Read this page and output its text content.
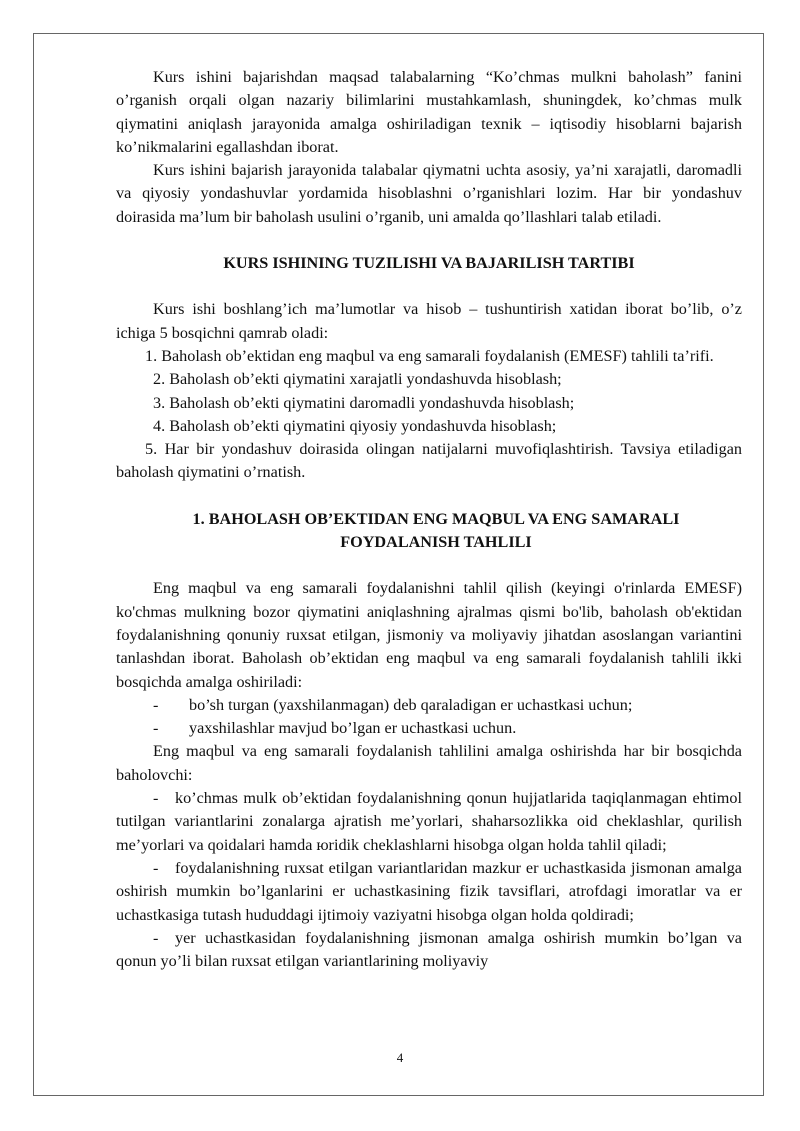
Kurs ishini bajarishdan maqsad talabalarning “Ko’chmas mulkni baholash” fanini o’rganish orqali olgan nazariy bilimlarini mustahkamlash, shuningdek, ko’chmas mulk qiymatini aniqlash jarayonida amalga oshiriladigan texnik – iqtisodiy hisoblarni bajarish ko’nikmalarini egallashdan iborat.

Kurs ishini bajarish jarayonida talabalar qiymatni uchta asosiy, ya’ni xarajatli, daromadli va qiyosiy yondashuvlar yordamida hisoblashni o’rganishlari lozim. Har bir yondashuv doirasida ma’lum bir baholash usulini o’rganib, uni amalda qo’llashlari talab etiladi.

KURS ISHINING TUZILISHI VA BAJARILISH TARTIBI

Kurs ishi boshlang’ich ma’lumotlar va hisob – tushuntirish xatidan iborat bo’lib, o’z ichiga 5 bosqichni qamrab oladi:

1. Baholash ob’ektidan eng maqbul va eng samarali foydalanish (EMESF) tahlili ta’rifi.

2. Baholash ob’ekti qiymatini xarajatli yondashuvda hisoblash;

3. Baholash ob’ekti qiymatini daromadli yondashuvda hisoblash;

4. Baholash ob’ekti qiymatini qiyosiy yondashuvda hisoblash;

5. Har bir yondashuv doirasida olingan natijalarni muvofiqlashtirish. Tavsiya etiladigan baholash qiymatini o’rnatish.

1. BAHOLASH OB’EKTIDAN ENG MAQBUL VA ENG SAMARALI FOYDALANISH TAHLILI

Eng maqbul va eng samarali foydalanishni tahlil qilish (keyingi o'rinlarda EMESF) ko'chmas mulkning bozor qiymatini aniqlashning ajralmas qismi bo'lib, baholash ob'ektidan foydalanishning qonuniy ruxsat etilgan, jismoniy va moliyaviy jihatdan asoslangan variantini tanlashdan iborat. Baholash ob’ektidan eng maqbul va eng samarali foydalanish tahlili ikki bosqichda amalga oshiriladi:

- bo’sh turgan (yaxshilanmagan) deb qaraladigan er uchastkasi uchun;

- yaxshilashlar mavjud bo’lgan er uchastkasi uchun.

Eng maqbul va eng samarali foydalanish tahlilini amalga oshirishda har bir bosqichda baholovchi:

- ko’chmas mulk ob’ektidan foydalanishning qonun hujjatlarida taqiqlanmagan ehtimol tutilgan variantlarini zonalarga ajratish me’yorlari, shaharsozlikka oid cheklashlar, qurilish me’yorlari va qoidalari hamda юridik cheklashlarni hisobga olgan holda tahlil qiladi;

- foydalanishning ruxsat etilgan variantlaridan mazkur er uchastkasida jismonan amalga oshirish mumkin bo’lganlarini er uchastkasining fizik tavsiflari, atrofdagi imoratlar va er uchastkasiga tutash hududdagi ijtimoiy vaziyatni hisobga olgan holda qoldiradi;

- yer uchastkasidan foydalanishning jismonan amalga oshirish mumkin bo’lgan va qonun yo’li bilan ruxsat etilgan variantlarining moliyaviy

4
